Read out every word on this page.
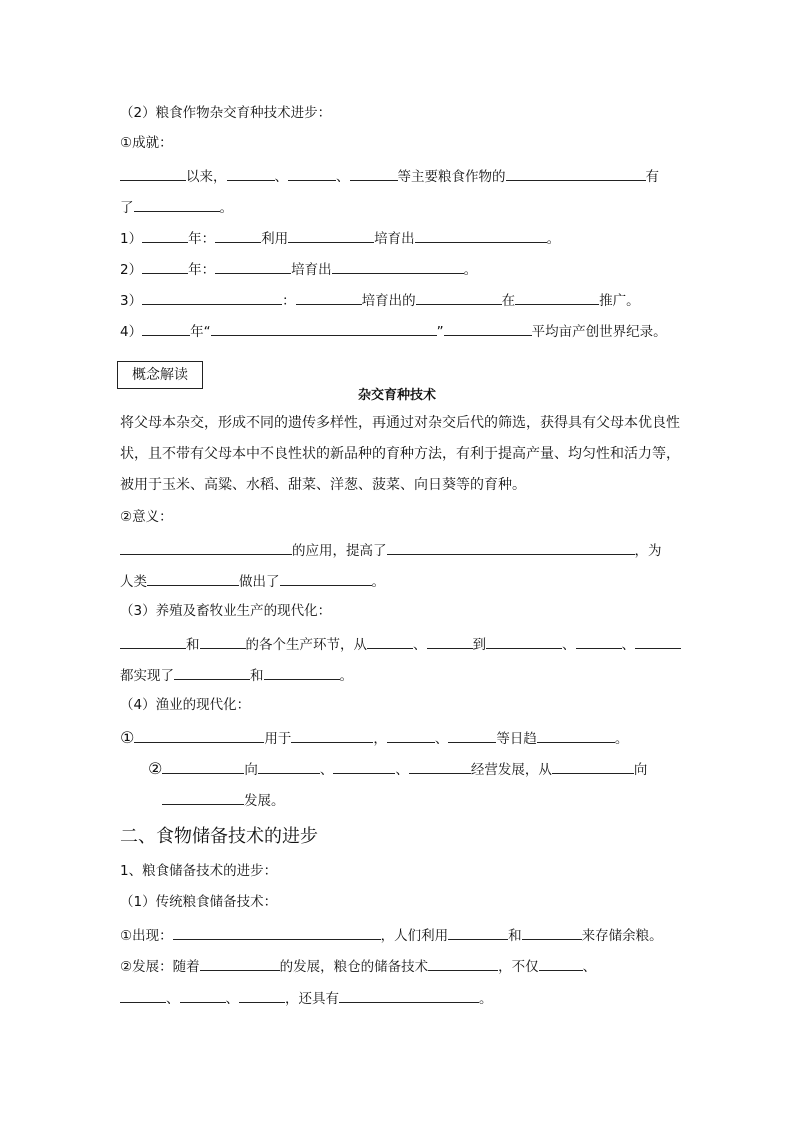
（2）粮食作物杂交育种技术进步：
①成就：
以来，	、	、	等主要粮食作物的	有
了	。
1）	年：	利用	培育出	。
2）	年：	培育出	。
3）	：	培育出的	在	推广。
4）	年“	”	平均亩产创世界纪录。
概念解读
杂交育种技术
将父母本杂交，形成不同的遗传多样性，再通过对杂交后代的筛选，获得具有父母本优良性
状，且不带有父母本中不良性状的新品种的育种方法，有利于提高产量、均匀性和活力等，
被用于玉米、高粱、水稻、甜菜、洋葱、菠菜、向日葵等的育种。
②意义：
的应用，提高了	，为
人类	做出了	。
（3）养殖及畜牧业生产的现代化：
和	的各个生产环节，从	、	到	、	、
都实现了	和	。
（4）渔业的现代化：
①	用于	，	、	等日趋	。
②	向	、	、	经营发展，从	向
发展。
二、食物储备技术的进步
1、粮食储备技术的进步：
（1）传统粮食储备技术：
①出现：	，人们利用	和	来存储余粮。
②发展：随着	的发展，粮仓的储备技术	，不仅	、
、	、	，还具有	。
